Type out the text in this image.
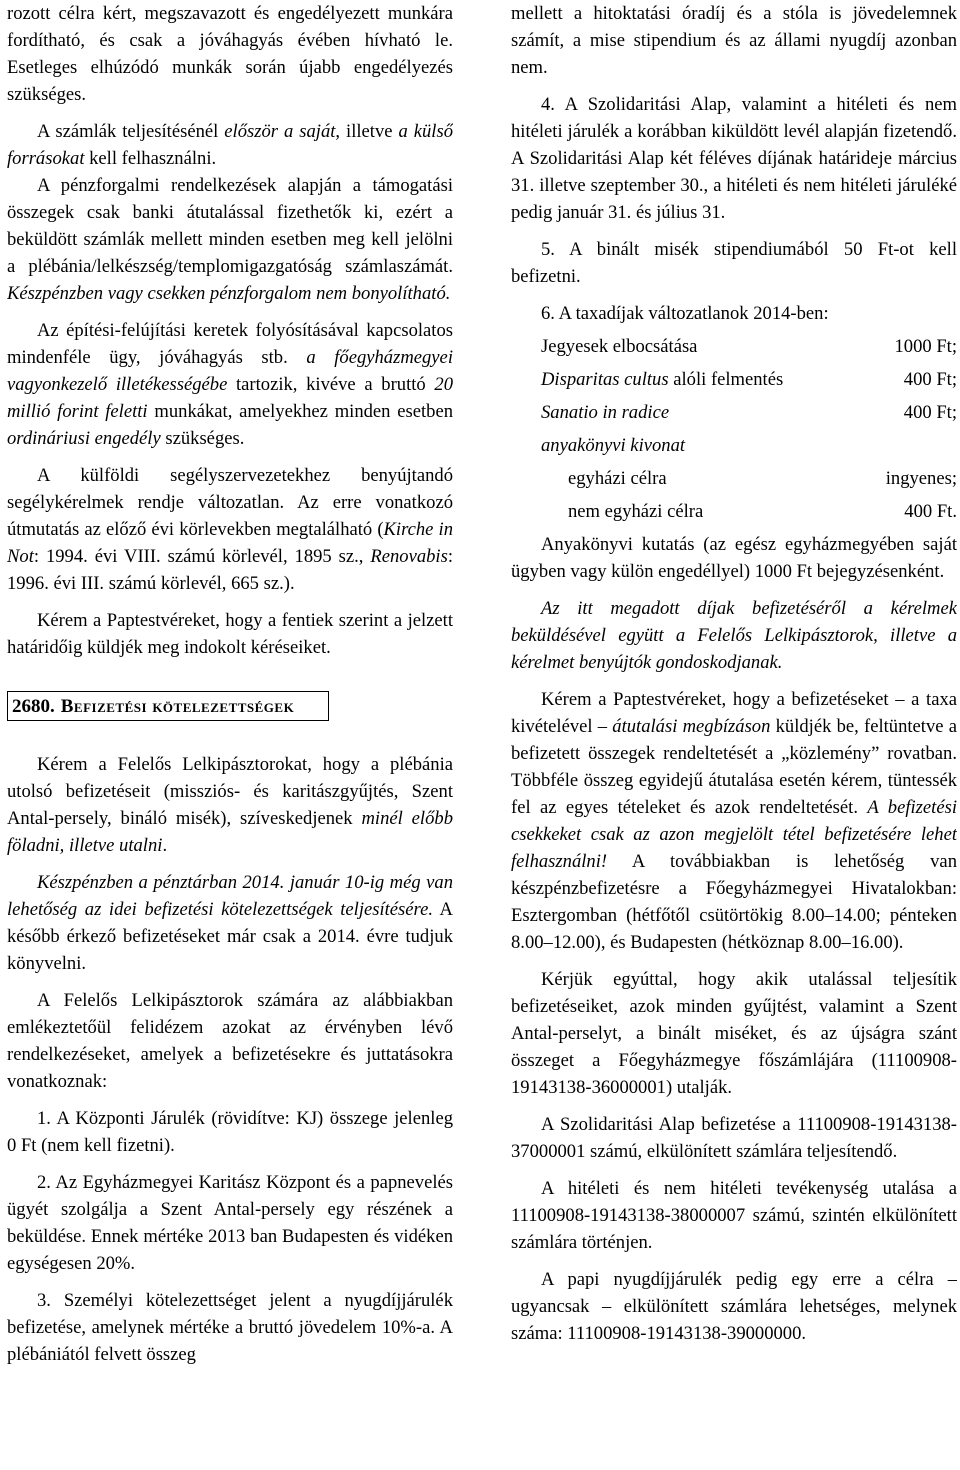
rozott célra kért, megszavazott és engedélyezett munkára fordítható, és csak a jóváhagyás évében hívható le. Esetleges elhúzódó munkák során újabb engedélyezés szükséges.

A számlák teljesítésénél először a saját, illetve a külső forrásokat kell felhasználni.

A pénzforgalmi rendelkezések alapján a támogatási összegek csak banki átutalással fizethetők ki, ezért a beküldött számlák mellett minden esetben meg kell jelölni a plébánia/lelkészség/templomigazgatóság számlaszámát. Készpénzben vagy csekken pénzforgalom nem bonyolítható.

Az építési-felújítási keretek folyósításával kapcsolatos mindenféle ügy, jóváhagyás stb. a főegyházmegyei vagyonkezelő illetékességébe tartozik, kivéve a bruttó 20 millió forint feletti munkákat, amelyekhez minden esetben ordináriusi engedély szükséges.

A külföldi segélyszervezetekhez benyújtandó segélykérelmek rendje változatlan. Az erre vonatkozó útmutatás az előző évi körlevekben megtalálható (Kirche in Not: 1994. évi VIII. számú körlevél, 1895 sz., Renovabis: 1996. évi III. számú körlevél, 665 sz.).

Kérem a Paptestvéreket, hogy a fentiek szerint a jelzett határidőig küldjék meg indokolt kéréseiket.

2680. Befizetési kötelezettségek

Kérem a Felelős Lelkipásztorokat, hogy a plébánia utolsó befizetéseit (missziós- és karitászgyűjtés, Szent Antal-persely, bináló misék), szíveskedjenek minél előbb föladni, illetve utalni.

Készpénzben a pénztárban 2014. január 10-ig még van lehetőség az idei befizetési kötelezettségek teljesítésére. A később érkező befizetéseket már csak a 2014. évre tudjuk könyvelni.

A Felelős Lelkipásztorok számára az alábbiakban emlékeztetőül felidézem azokat az érvényben lévő rendelkezéseket, amelyek a befizetésekre és juttatásokra vonatkoznak:

1. A Központi Járulék (rövidítve: KJ) összege jelenleg 0 Ft (nem kell fizetni).

2. Az Egyházmegyei Karitász Központ és a papnevelés ügyét szolgálja a Szent Antal-persely egy részének a beküldése. Ennek mértéke 2013 ban Budapesten és vidéken egységesen 20%.

3. Személyi kötelezettséget jelent a nyugdíjjárulék befizetése, amelynek mértéke a bruttó jövedelem 10%-a. A plébániától felvett összeg

mellett a hitoktatási óradíj és a stóla is jövedelemnek számít, a mise stipendium és az állami nyugdíj azonban nem.

4. A Szolidaritási Alap, valamint a hitéleti és nem hitéleti járulék a korábban kiküldött levél alapján fizetendő. A Szolidaritási Alap két féléves díjának határideje március 31. illetve szeptember 30., a hitéleti és nem hitéleti járuléké pedig január 31. és július 31.

5. A binált misék stipendiumából 50 Ft-ot kell befizetni.

6. A taxadíjak változatlanok 2014-ben:

Jegyesek elbocsátása	1000 Ft;
Disparitas cultus alóli felmentés	400 Ft;
Sanatio in radice	400 Ft;
anyakönyvi kivonat	
egyházi célra	ingyenes;
nem egyházi célra	400 Ft.

Anyakönyvi kutatás (az egész egyházmegyében saját ügyben vagy külön engedéllyel) 1000 Ft bejegyzésenként.

Az itt megadott díjak befizetéséről a kérelmek beküldésével együtt a Felelős Lelkipásztorok, illetve a kérelmet benyújtók gondoskodjanak.

Kérem a Paptestvéreket, hogy a befizetéseket – a taxa kivételével – átutalási megbízáson küldjék be, feltüntetve a befizetett összegek rendeltetését a „közlemény” rovatban. Többféle összeg egyidejű átutalása esetén kérem, tüntessék fel az egyes tételeket és azok rendeltetését. A befizetési csekkeket csak az azon megjelölt tétel befizetésére lehet felhasználni! A továbbiakban is lehetőség van készpénzbefizetésre a Főegyházmegyei Hivatalokban: Esztergomban (hétfőtől csütörtökig 8.00–14.00; pénteken 8.00–12.00), és Budapesten (hétköznap 8.00–16.00).

Kérjük egyúttal, hogy akik utalással teljesítik befizetéseiket, azok minden gyűjtést, valamint a Szent Antal-perselyt, a binált miséket, és az újságra szánt összeget a Főegyházmegye főszámlájára (11100908-19143138-36000001) utalják.

A Szolidaritási Alap befizetése a 11100908-19143138-37000001 számú, elkülönített számlára teljesítendő.

A hitéleti és nem hitéleti tevékenység utalása a 11100908-19143138-38000007 számú, szintén elkülönített számlára történjen.

A papi nyugdíjjárulék pedig egy erre a célra – ugyancsak – elkülönített számlára lehetséges, melynek száma: 11100908-19143138-39000000.
